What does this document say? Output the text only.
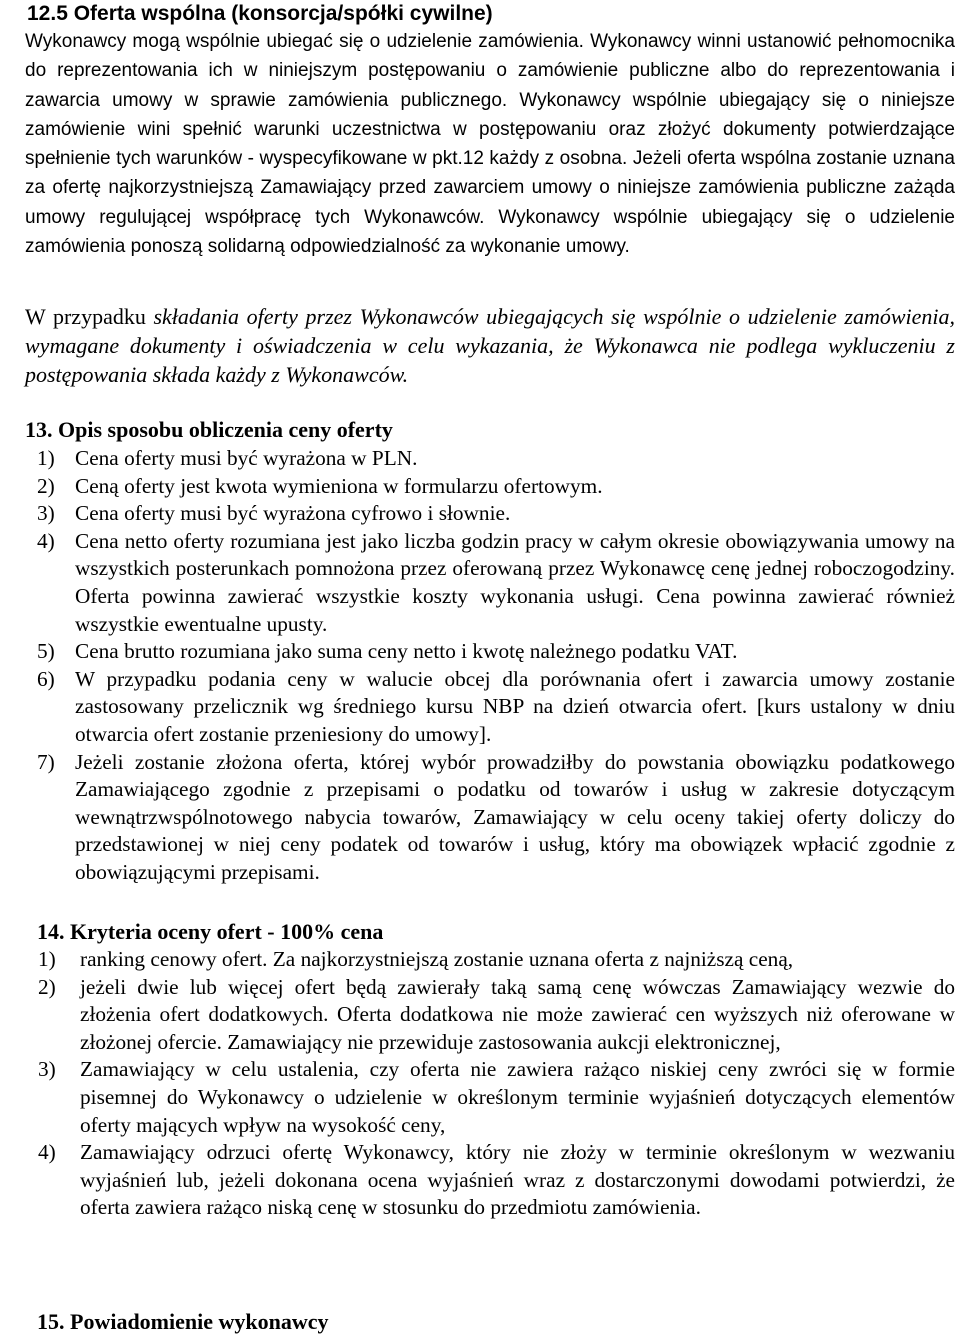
12.5 Oferta wspólna (konsorcja/spółki cywilne)
Wykonawcy mogą wspólnie ubiegać się o udzielenie zamówienia. Wykonawcy winni ustanowić pełnomocnika do reprezentowania ich w niniejszym postępowaniu o zamówienie publiczne albo do reprezentowania i zawarcia umowy w sprawie zamówienia publicznego. Wykonawcy wspólnie ubiegający się o niniejsze zamówienie wini spełnić warunki uczestnictwa w postępowaniu oraz złożyć dokumenty potwierdzające spełnienie tych warunków - wyspecyfikowane w pkt.12 każdy z osobna. Jeżeli oferta wspólna zostanie uznana za ofertę najkorzystniejszą Zamawiający przed zawarciem umowy o niniejsze zamówienia publiczne zażąda umowy regulującej współpracę tych Wykonawców. Wykonawcy wspólnie ubiegający się o udzielenie zamówienia ponoszą solidarną odpowiedzialność za wykonanie umowy.
W przypadku składania oferty przez Wykonawców ubiegających się wspólnie o udzielenie zamówienia, wymagane dokumenty i oświadczenia w celu wykazania, że Wykonawca nie podlega wykluczeniu z postępowania składa każdy z Wykonawców.
13. Opis sposobu obliczenia ceny oferty
1) Cena oferty musi być wyrażona w PLN.
2) Ceną oferty jest kwota wymieniona w formularzu ofertowym.
3) Cena oferty musi być wyrażona cyfrowo i słownie.
4) Cena netto oferty rozumiana jest jako liczba godzin pracy w całym okresie obowiązywania umowy na wszystkich posterunkach pomnożona przez oferowaną przez Wykonawcę cenę jednej roboczogodziny. Oferta powinna zawierać wszystkie koszty wykonania usługi. Cena powinna zawierać również wszystkie ewentualne upusty.
5) Cena brutto rozumiana jako suma ceny netto i kwotę należnego podatku VAT.
6) W przypadku podania ceny w walucie obcej dla porównania ofert i zawarcia umowy zostanie zastosowany przelicznik wg średniego kursu NBP na dzień otwarcia ofert. [kurs ustalony w dniu otwarcia ofert zostanie przeniesiony do umowy].
7) Jeżeli zostanie złożona oferta, której wybór prowadziłby do powstania obowiązku podatkowego Zamawiającego zgodnie z przepisami o podatku od towarów i usług w zakresie dotyczącym wewnątrzwspólnotowego nabycia towarów, Zamawiający w celu oceny takiej oferty doliczy do przedstawionej w niej ceny podatek od towarów i usług, który ma obowiązek wpłacić zgodnie z obowiązującymi przepisami.
14. Kryteria oceny ofert - 100% cena
1) ranking cenowy ofert. Za najkorzystniejszą zostanie uznana oferta z najniższą ceną,
2) jeżeli dwie lub więcej ofert będą zawierały taką samą cenę wówczas Zamawiający wezwie do złożenia ofert dodatkowych. Oferta dodatkowa nie może zawierać cen wyższych niż oferowane w złożonej ofercie. Zamawiający nie przewiduje zastosowania aukcji elektronicznej,
3) Zamawiający w celu ustalenia, czy oferta nie zawiera rażąco niskiej ceny zwróci się w formie pisemnej do Wykonawcy o udzielenie w określonym terminie wyjaśnień dotyczących elementów oferty mających wpływ na wysokość ceny,
4) Zamawiający odrzuci ofertę Wykonawcy, który nie złoży w terminie określonym w wezwaniu wyjaśnień lub, jeżeli dokonana ocena wyjaśnień wraz z dostarczonymi dowodami potwierdzi, że oferta zawiera rażąco niską cenę w stosunku do przedmiotu zamówienia.
15. Powiadomienie wykonawcy
